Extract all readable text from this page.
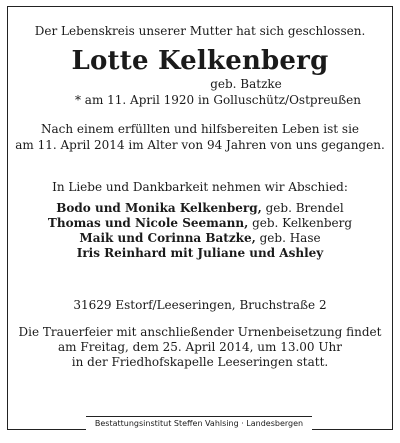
Der Lebenskreis unserer Mutter hat sich geschlossen.

Lotte Kelkenberg

geb. Batzke

* am 11. April 1920 in Golluschütz/Ostpreußen

Nach einem erfüllten und hilfsbereiten Leben ist sie
am 11. April 2014 im Alter von 94 Jahren von uns gegangen.

In Liebe und Dankbarkeit nehmen wir Abschied:

Bodo und Monika Kelkenberg, geb. Brendel
Thomas und Nicole Seemann, geb. Kelkenberg
Maik und Corinna Batzke, geb. Hase
Iris Reinhard mit Juliane und Ashley

31629 Estorf/Leeseringen, Bruchstraße 2

Die Trauerfeier mit anschließender Urnenbeisetzung findet
am Freitag, dem 25. April 2014, um 13.00 Uhr
in der Friedhofskapelle Leeseringen statt.
Bestattungsinstitut Steffen Vahlsing · Landesbergen
